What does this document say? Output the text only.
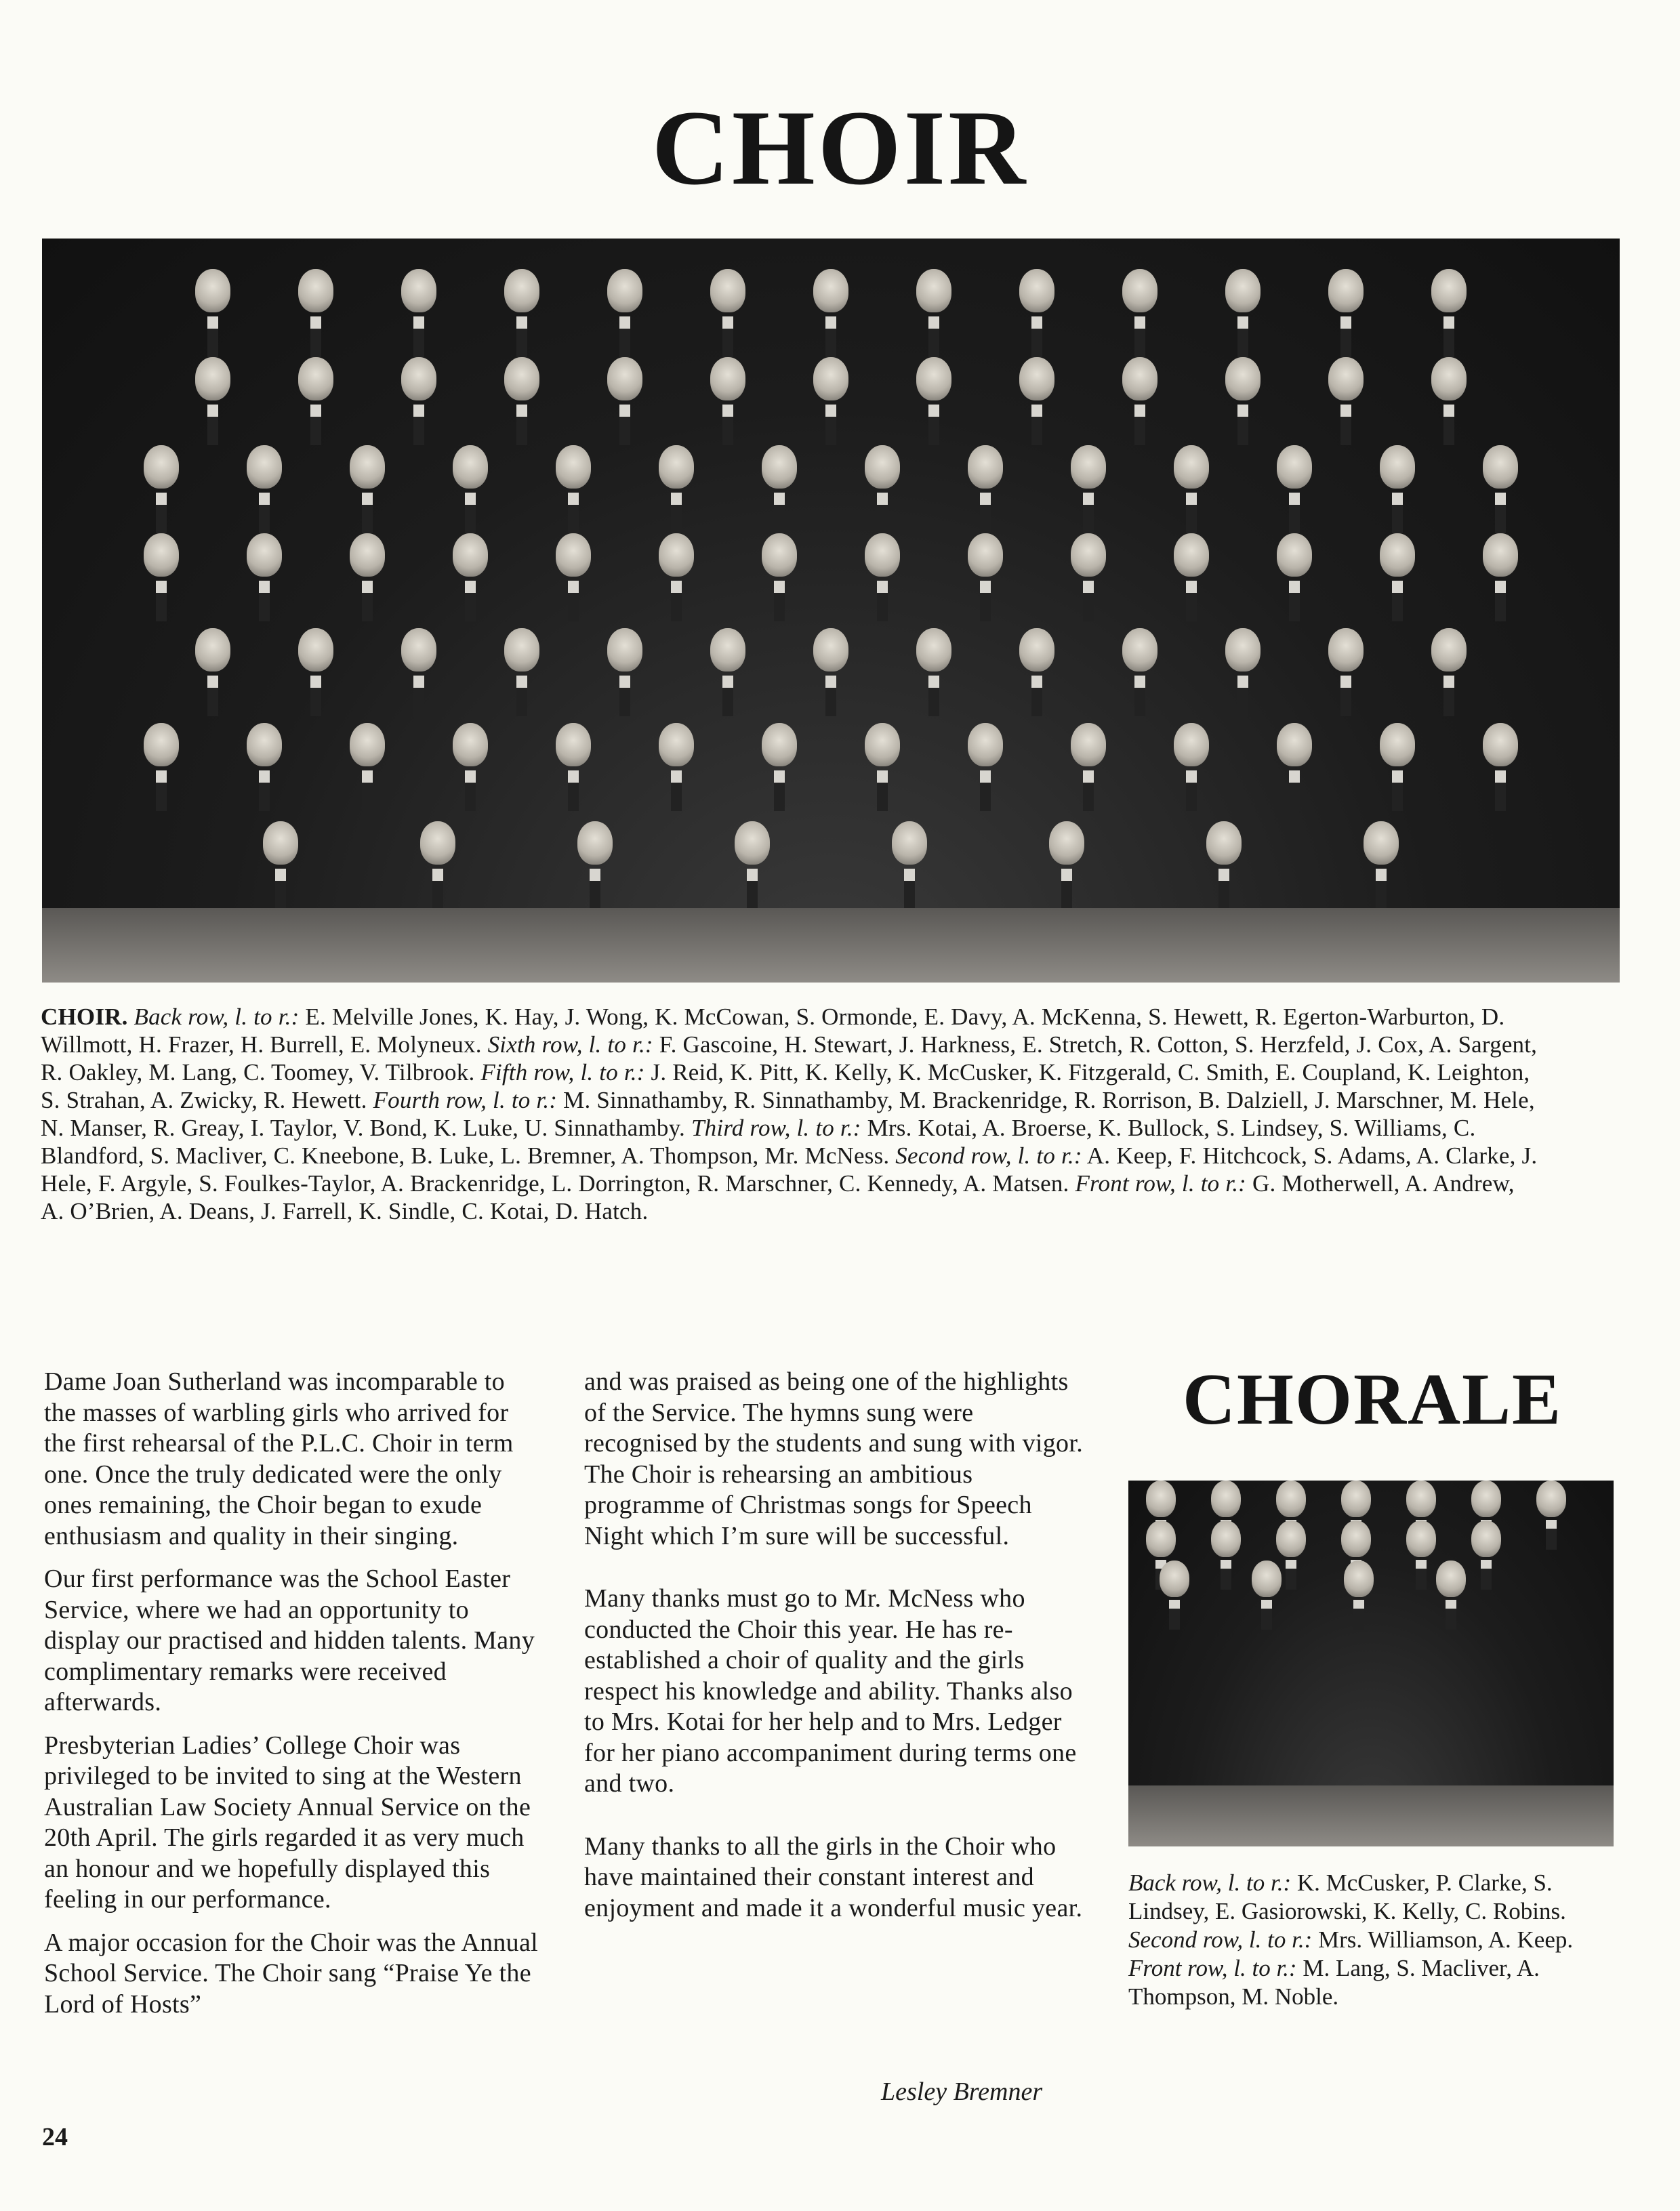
CHOIR
CHOIR. Back row, l. to r.: E. Melville Jones, K. Hay, J. Wong, K. McCowan, S. Ormonde, E. Davy, A. McKenna, S. Hewett, R. Egerton-Warburton, D. Willmott, H. Frazer, H. Burrell, E. Molyneux. Sixth row, l. to r.: F. Gascoine, H. Stewart, J. Harkness, E. Stretch, R. Cotton, S. Herzfeld, J. Cox, A. Sargent, R. Oakley, M. Lang, C. Toomey, V. Tilbrook. Fifth row, l. to r.: J. Reid, K. Pitt, K. Kelly, K. McCusker, K. Fitzgerald, C. Smith, E. Coupland, K. Leighton, S. Strahan, A. Zwicky, R. Hewett. Fourth row, l. to r.: M. Sinnathamby, R. Sinnathamby, M. Brackenridge, R. Rorrison, B. Dalziell, J. Marschner, M. Hele, N. Manser, R. Greay, I. Taylor, V. Bond, K. Luke, U. Sinnathamby. Third row, l. to r.: Mrs. Kotai, A. Broerse, K. Bullock, S. Lindsey, S. Williams, C. Blandford, S. Macliver, C. Kneebone, B. Luke, L. Bremner, A. Thompson, Mr. McNess. Second row, l. to r.: A. Keep, F. Hitchcock, S. Adams, A. Clarke, J. Hele, F. Argyle, S. Foulkes-Taylor, A. Brackenridge, L. Dorrington, R. Marschner, C. Kennedy, A. Matsen. Front row, l. to r.: G. Motherwell, A. Andrew, A. O’Brien, A. Deans, J. Farrell, K. Sindle, C. Kotai, D. Hatch.

Dame Joan Sutherland was incomparable to the masses of warbling girls who arrived for the first rehearsal of the P.L.C. Choir in term one. Once the truly dedicated were the only ones remaining, the Choir began to exude enthusiasm and quality in their singing.

Our first performance was the School Easter Service, where we had an opportunity to display our practised and hidden talents. Many complimentary remarks were received afterwards.

Presbyterian Ladies’ College Choir was privileged to be invited to sing at the Western Australian Law Society Annual Service on the 20th April. The girls regarded it as very much an honour and we hopefully displayed this feeling in our performance.

A major occasion for the Choir was the Annual School Service. The Choir sang “Praise Ye the Lord of Hosts”

and was praised as being one of the highlights of the Service. The hymns sung were recognised by the students and sung with vigor. The Choir is rehearsing an ambitious programme of Christmas songs for Speech Night which I’m sure will be successful.

Many thanks must go to Mr. McNess who conducted the Choir this year. He has re-established a choir of quality and the girls respect his knowledge and ability. Thanks also to Mrs. Kotai for her help and to Mrs. Ledger for her piano accompaniment during terms one and two.

Many thanks to all the girls in the Choir who have maintained their constant interest and enjoyment and made it a wonderful music year.

Lesley Bremner
CHORALE
Back row, l. to r.: K. McCusker, P. Clarke, S. Lindsey, E. Gasiorowski, K. Kelly, C. Robins. Second row, l. to r.: Mrs. Williamson, A. Keep. Front row, l. to r.: M. Lang, S. Macliver, A. Thompson, M. Noble.
24
